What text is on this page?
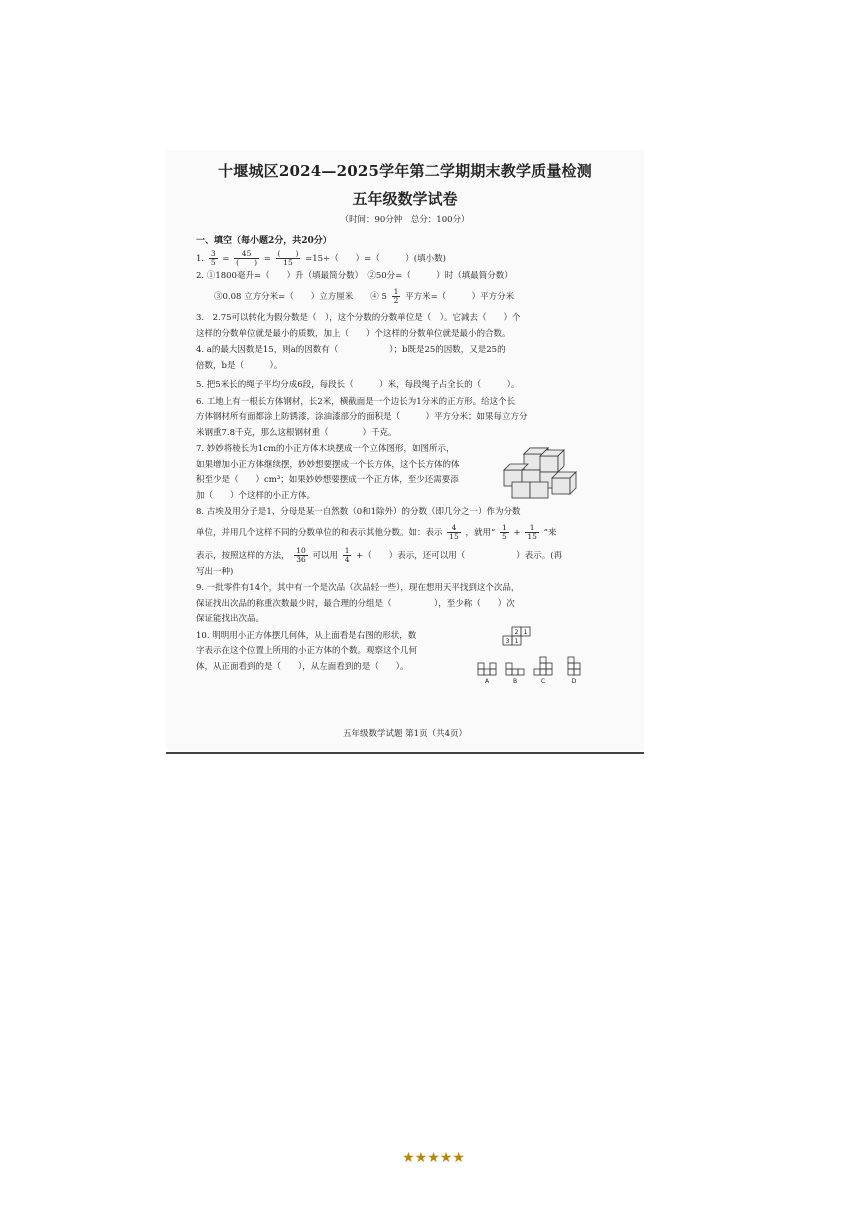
十堰城区2024—2025学年第二学期期末教学质量检测
五年级数学试卷
（时间：90分钟　总分：100分）
一、填空（每小题2分，共20分）
1. $\frac{3}{5} = \frac{45}{( )} = \frac{( )}{15} =15\div$（　　）=（　　　）(填小数)
2. ①1800毫升=（　　）升（填最简分数）　②50分=（　　　）时（填最简分数）
③0.08 立方分米=（　　）立方厘米　　④ $5 \frac{1}{2}$ 平方米=（　　　）平方分米
3.　2.75可以转化为假分数是（　），这个分数的分数单位是（　）。它减去（　　）个
这样的分数单位就是最小的质数，加上（　　）个这样的分数单位就是最小的合数。
4. a的最大因数是15，则a的因数有（　　　　　　）；b既是25的因数，又是25的
倍数，b是（　　　）。
5. 把5米长的绳子平均分成6段，每段长（　　　）米，每段绳子占全长的（　　　）。
6. 工地上有一根长方体钢材，长2米，横截面是一个边长为1分米的正方形。给这个长
方体钢材所有面都涂上防锈漆，涂油漆部分的面积是（　　　）平方分米；如果每立方分
米钢重7.8千克，那么这根钢材重（　　　　）千克。
7. 妙妙将棱长为1cm的小正方体木块摆成一个立体图形，如图所示，
如果增加小正方体继续摆，妙妙想要摆成一个长方体，这个长方体的体
积至少是（　　）cm³；如果妙妙想要摆成一个正方体，至少还需要添
加（　　）个这样的小正方体。
8. 古埃及用分子是1、分母是某一自然数（0和1除外）的分数（即几分之一）作为分数
单位，并用几个这样不同的分数单位的和表示其他分数。如：表示 $\frac{4}{15}$ ，就用“ $\frac{1}{5} + \frac{1}{15}$ ”来
表示，按照这样的方法， $\frac{10}{36}$ 可以用 $\frac{1}{4}$ +（　　）表示，还可以用（　　　　　　）表示。(再
写出一种)
9. 一批零件有14个，其中有一个是次品（次品轻一些），现在想用天平找到这个次品，
保证找出次品的称重次数最少时，最合理的分组是（　　　　　），至少称（　　）次
保证能找出次品。
10. 明明用小正方体摆几何体，从上面看是右图的形状，数
字表示在这个位置上所用的小正方体的个数。观察这个几何
体，从正面看到的是（　　），从左面看到的是（　　）。
2 1
3 1
A	B	C	D
五年级数学试题 第1页（共4页）
★★★★★
